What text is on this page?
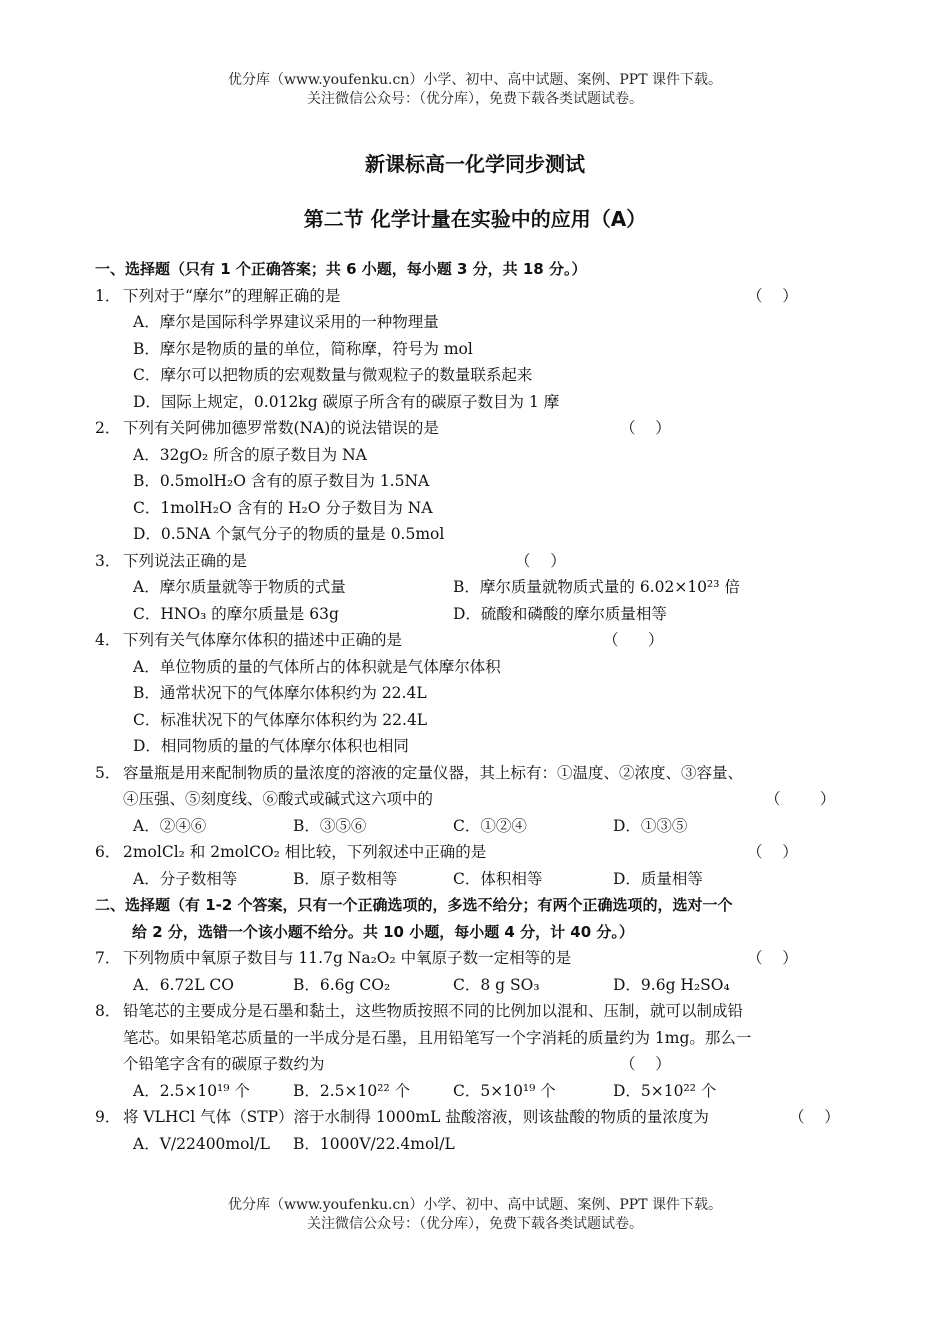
优分库（www.youfenku.cn）小学、初中、高中试题、案例、PPT 课件下载。
关注微信公众号：（优分库），免费下载各类试题试卷。
新课标高一化学同步测试
第二节 化学计量在实验中的应用（A）
一、选择题（只有 1 个正确答案；共 6 小题，每小题 3 分，共 18 分。）
1． 下列对于“摩尔”的理解正确的是	（    ）
A．摩尔是国际科学界建议采用的一种物理量
B．摩尔是物质的量的单位，简称摩，符号为 mol
C．摩尔可以把物质的宏观数量与微观粒子的数量联系起来
D．国际上规定，0.012kg 碳原子所含有的碳原子数目为 1 摩
2． 下列有关阿佛加德罗常数(NA)的说法错误的是	（    ）
A．32gO₂ 所含的原子数目为 NA
B．0.5molH₂O 含有的原子数目为 1.5NA
C．1molH₂O 含有的 H₂O 分子数目为 NA
D．0.5NA 个氯气分子的物质的量是 0.5mol
3． 下列说法正确的是	（    ）
A．摩尔质量就等于物质的式量	B．摩尔质量就物质式量的 6.02×10²³ 倍
C．HNO₃ 的摩尔质量是 63g	D．硫酸和磷酸的摩尔质量相等
4． 下列有关气体摩尔体积的描述中正确的是	（      ）
A．单位物质的量的气体所占的体积就是气体摩尔体积
B．通常状况下的气体摩尔体积约为 22.4L
C．标准状况下的气体摩尔体积约为 22.4L
D．相同物质的量的气体摩尔体积也相同
5． 容量瓶是用来配制物质的量浓度的溶液的定量仪器，其上标有：①温度、②浓度、③容量、
④压强、⑤刻度线、⑥酸式或碱式这六项中的	（        ）
A．②④⑥	B．③⑤⑥	C．①②④	D．①③⑤
6． 2molCl₂ 和 2molCO₂ 相比较，下列叙述中正确的是	（    ）
A．分子数相等	B．原子数相等	C．体积相等	D．质量相等
二、选择题（有 1-2 个答案，只有一个正确选项的，多选不给分；有两个正确选项的，选对一个
给 2 分，选错一个该小题不给分。共 10 小题，每小题 4 分，计 40 分。）
7． 下列物质中氧原子数目与 11.7g Na₂O₂ 中氧原子数一定相等的是	（    ）
A．6.72L CO	B．6.6g CO₂	C．8 g SO₃	D．9.6g H₂SO₄
8． 铅笔芯的主要成分是石墨和黏土，这些物质按照不同的比例加以混和、压制，就可以制成铅
笔芯。如果铅笔芯质量的一半成分是石墨，且用铅笔写一个字消耗的质量约为 1mg。那么一
个铅笔字含有的碳原子数约为	（    ）
A．2.5×10¹⁹ 个	B．2.5×10²² 个	C．5×10¹⁹ 个	D．5×10²² 个
9． 将 VLHCl 气体（STP）溶于水制得 1000mL 盐酸溶液，则该盐酸的物质的量浓度为	（    ）
A．V/22400mol/L	B．1000V/22.4mol/L
优分库（www.youfenku.cn）小学、初中、高中试题、案例、PPT 课件下载。
关注微信公众号：（优分库），免费下载各类试题试卷。
